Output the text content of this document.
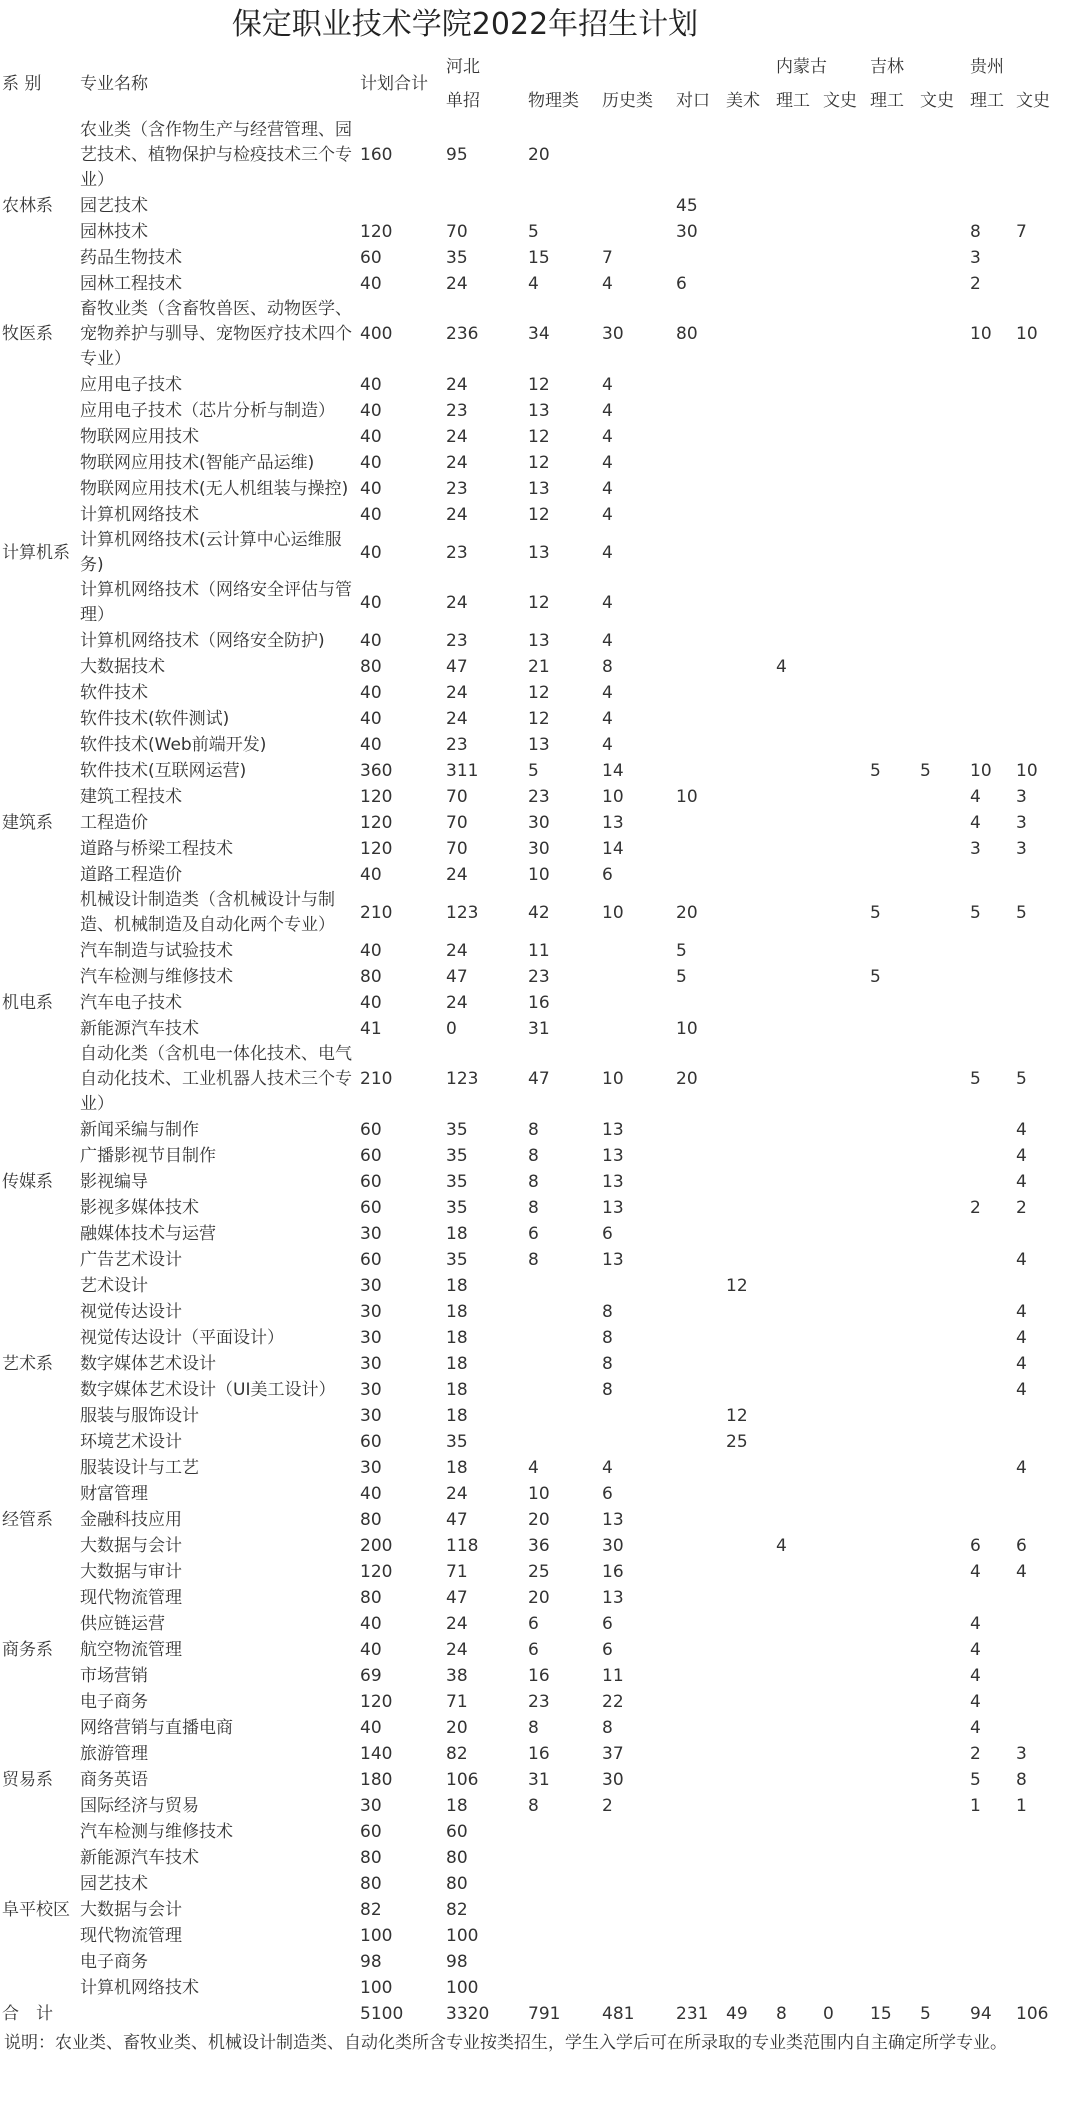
保定职业技术学院2022年招生计划
系 别	专业名称	计划合计	河北					内蒙古		吉林		贵州	
			单招	物理类	历史类	对口	美术	理工	文史	理工	文史	理工	文史
	农业类（含作物生产与经营管理、园艺技术、植物保护与检疫技术三个专业）	160	95	20									
农林系	园艺技术					45							
	园林技术	120	70	5		30						8	7
	药品生物技术	60	35	15	7							3	
	园林工程技术	40	24	4	4	6						2	
牧医系	畜牧业类（含畜牧兽医、动物医学、宠物养护与驯导、宠物医疗技术四个专业）	400	236	34	30	80						10	10
	应用电子技术	40	24	12	4								
	应用电子技术（芯片分析与制造）	40	23	13	4								
	物联网应用技术	40	24	12	4								
	物联网应用技术(智能产品运维)	40	24	12	4								
	物联网应用技术(无人机组装与操控)	40	23	13	4								
	计算机网络技术	40	24	12	4								
计算机系	计算机网络技术(云计算中心运维服务)	40	23	13	4								
	计算机网络技术（网络安全评估与管理）	40	24	12	4								
	计算机网络技术（网络安全防护)	40	23	13	4								
	大数据技术	80	47	21	8			4					
	软件技术	40	24	12	4								
	软件技术(软件测试)	40	24	12	4								
	软件技术(Web前端开发)	40	23	13	4								
	软件技术(互联网运营)	360	311	5	14					5	5	10	10
	建筑工程技术	120	70	23	10	10						4	3
建筑系	工程造价	120	70	30	13							4	3
	道路与桥梁工程技术	120	70	30	14							3	3
	道路工程造价	40	24	10	6								
	机械设计制造类（含机械设计与制造、机械制造及自动化两个专业）	210	123	42	10	20				5		5	5
	汽车制造与试验技术	40	24	11		5							
	汽车检测与维修技术	80	47	23		5				5			
机电系	汽车电子技术	40	24	16									
	新能源汽车技术	41	0	31		10							
	自动化类（含机电一体化技术、电气自动化技术、工业机器人技术三个专业）	210	123	47	10	20						5	5
	新闻采编与制作	60	35	8	13								4
	广播影视节目制作	60	35	8	13								4
传媒系	影视编导	60	35	8	13								4
	影视多媒体技术	60	35	8	13							2	2
	融媒体技术与运营	30	18	6	6								
	广告艺术设计	60	35	8	13								4
	艺术设计	30	18				12						
	视觉传达设计	30	18		8								4
	视觉传达设计（平面设计）	30	18		8								4
艺术系	数字媒体艺术设计	30	18		8								4
	数字媒体艺术设计（UI美工设计）	30	18		8								4
	服装与服饰设计	30	18				12						
	环境艺术设计	60	35				25						
	服装设计与工艺	30	18	4	4								4
	财富管理	40	24	10	6								
经管系	金融科技应用	80	47	20	13								
	大数据与会计	200	118	36	30			4				6	6
	大数据与审计	120	71	25	16							4	4
	现代物流管理	80	47	20	13								
	供应链运营	40	24	6	6							4	
商务系	航空物流管理	40	24	6	6							4	
	市场营销	69	38	16	11							4	
	电子商务	120	71	23	22							4	
	网络营销与直播电商	40	20	8	8							4	
	旅游管理	140	82	16	37							2	3
贸易系	商务英语	180	106	31	30							5	8
	国际经济与贸易	30	18	8	2							1	1
	汽车检测与维修技术	60	60										
	新能源汽车技术	80	80										
	园艺技术	80	80										
阜平校区	大数据与会计	82	82										
	现代物流管理	100	100										
	电子商务	98	98										
	计算机网络技术	100	100										
合　计		5100	3320	791	481	231	49	8	0	15	5	94	106
说明：农业类、畜牧业类、机械设计制造类、自动化类所含专业按类招生，学生入学后可在所录取的专业类范围内自主确定所学专业。
